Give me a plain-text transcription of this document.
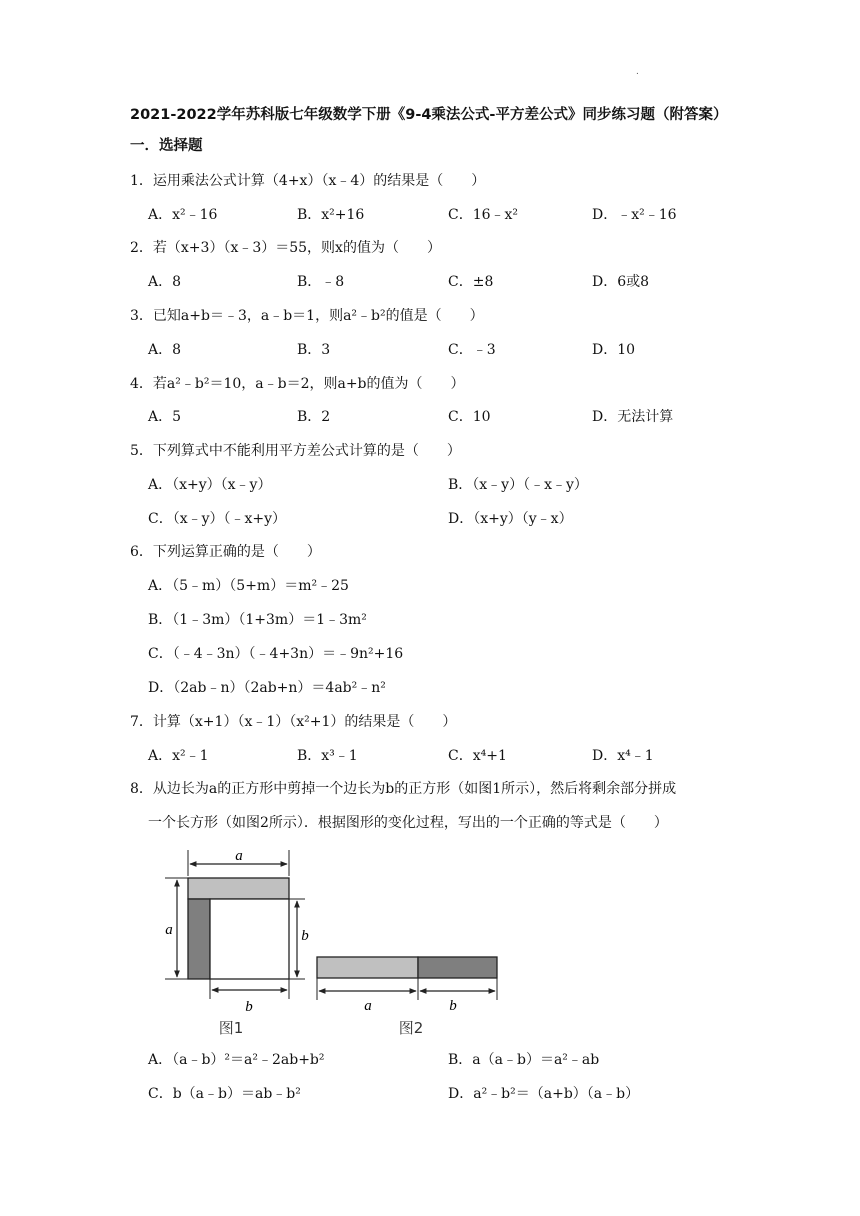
.
2021-2022学年苏科版七年级数学下册《9-4乘法公式-平方差公式》同步练习题（附答案）
一．选择题
1．运用乘法公式计算（4+x）（x﹣4）的结果是（　　）
A．x²﹣16	B．x²+16	C．16﹣x²	D．﹣x²﹣16
2．若（x+3）（x﹣3）＝55，则x的值为（　　）
A．8	B．﹣8	C．±8	D．6或8
3．已知a+b＝﹣3，a﹣b＝1，则a²﹣b²的值是（　　）
A．8	B．3	C．﹣3	D．10
4．若a²﹣b²＝10，a﹣b＝2，则a+b的值为（　　）
A．5	B．2	C．10	D．无法计算
5．下列算式中不能利用平方差公式计算的是（　　）
A．（x+y）（x﹣y）	B．（x﹣y）（﹣x﹣y）
C．（x﹣y）（﹣x+y）	D．（x+y）（y﹣x）
6．下列运算正确的是（　　）
A．（5﹣m）（5+m）＝m²﹣25
B．（1﹣3m）（1+3m）＝1﹣3m²
C．（﹣4﹣3n）（﹣4+3n）＝﹣9n²+16
D．（2ab﹣n）（2ab+n）＝4ab²﹣n²
7．计算（x+1）（x﹣1）（x²+1）的结果是（　　）
A．x²﹣1	B．x³﹣1	C．x⁴+1	D．x⁴﹣1
8．从边长为a的正方形中剪掉一个边长为b的正方形（如图1所示），然后将剩余部分拼成
一个长方形（如图2所示）．根据图形的变化过程，写出的一个正确的等式是（　　）
a
a	b
b
图1
a	b
图2
A．（a﹣b）²＝a²﹣2ab+b²	B．a（a﹣b）＝a²﹣ab
C．b（a﹣b）＝ab﹣b²	D．a²﹣b²＝（a+b）（a﹣b）
